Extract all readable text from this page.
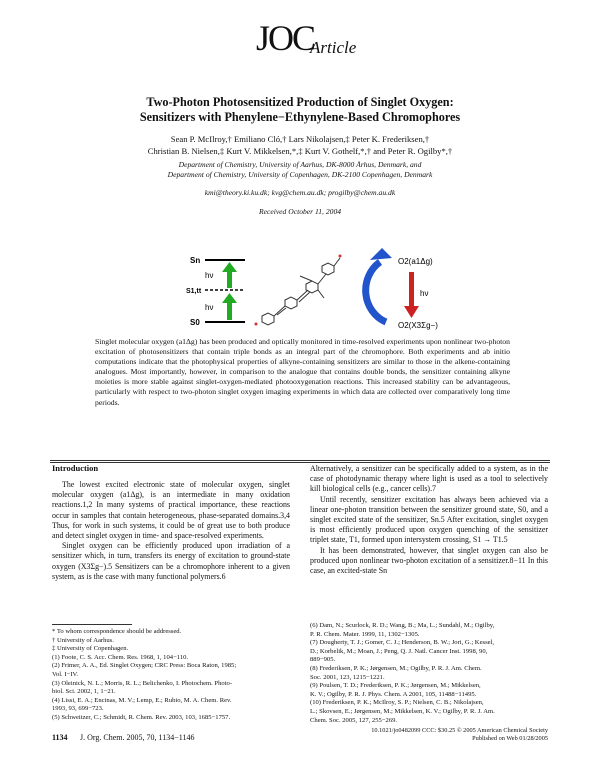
JOC
Article
Two-Photon Photosensitized Production of Singlet Oxygen:
Sensitizers with Phenylene−Ethynylene-Based Chromophores
Sean P. McIlroy,† Emiliano Cló,† Lars Nikolajsen,‡ Peter K. Frederiksen,†
Christian B. Nielsen,‡ Kurt V. Mikkelsen,*,‡ Kurt V. Gothelf,*,† and Peter R. Ogilby*,†
Department of Chemistry, University of Aarhus, DK-8000 Århus, Denmark, and
Department of Chemistry, University of Copenhagen, DK-2100 Copenhagen, Denmark
kmi@theory.ki.ku.dk; kvg@chem.au.dk; progilby@chem.au.dk
Received October 11, 2004
Sn
S1,tt
S0
hν
hν
O2(a1Δg)
O2(X3Σg−)
hν
Singlet molecular oxygen (a1Δg) has been produced and optically monitored in time-resolved experiments upon nonlinear two-photon excitation of photosensitizers that contain triple bonds as an integral part of the chromophore. Both experiments and ab initio computations indicate that the photophysical properties of alkyne-containing sensitizers are similar to those in the alkene-containing analogues. Most importantly, however, in comparison to the analogue that contains double bonds, the sensitizer containing alkyne moieties is more stable against singlet-oxygen-mediated photooxygenation reactions. This increased stability can be advantageous, particularly with respect to two-photon singlet oxygen imaging experiments in which data are collected over comparatively long time periods.
Introduction

The lowest excited electronic state of molecular oxygen, singlet molecular oxygen (a1Δg), is an intermediate in many oxidation reactions.1,2 In many systems of practical importance, these reactions occur in samples that contain heterogeneous, phase-separated domains.3,4 Thus, for work in such systems, it could be of great use to both produce and detect singlet oxygen in time- and space-resolved experiments.

Singlet oxygen can be efficiently produced upon irradiation of a sensitizer which, in turn, transfers its energy of excitation to ground-state oxygen (X3Σg−).5 Sensitizers can be a chromophore inherent to a given system, as is the case with many functional polymers.6

Alternatively, a sensitizer can be specifically added to a system, as in the case of photodynamic therapy where light is used as a tool to selectively kill biological cells (e.g., cancer cells).7

Until recently, sensitizer excitation has always been achieved via a linear one-photon transition between the sensitizer ground state, S0, and a singlet excited state of the sensitizer, Sn.5 After excitation, singlet oxygen is most efficiently produced upon oxygen quenching of the sensitizer triplet state, T1, formed upon intersystem crossing, S1 → T1.5

It has been demonstrated, however, that singlet oxygen can also be produced upon nonlinear two-photon excitation of a sensitizer.8−11 In this case, an excited-state Sn

* To whom correspondence should be addressed.
† University of Aarhus.
‡ University of Copenhagen.
(1) Foote, C. S. Acc. Chem. Res. 1968, 1, 104−110.
(2) Frimer, A. A., Ed. Singlet Oxygen; CRC Press: Boca Raton, 1985;
Vol. I−IV.
(3) Oleinick, N. L.; Morris, R. L.; Belichenko, I. Photochem. Photo-
biol. Sci. 2002, 1, 1−21.
(4) Lissi, E. A.; Encinas, M. V.; Lemp, E.; Rubio, M. A. Chem. Rev.
1993, 93, 699−723.
(5) Schweitzer, C.; Schmidt, R. Chem. Rev. 2003, 103, 1685−1757.
(6) Dam, N.; Scurlock, R. D.; Wang, B.; Ma, L.; Sundahl, M.; Ogilby,
P. R. Chem. Mater. 1999, 11, 1302−1305.
(7) Dougherty, T. J.; Gomer, C. J.; Henderson, B. W.; Jori, G.; Kessel,
D.; Korbelik, M.; Moan, J.; Peng, Q. J. Natl. Cancer Inst. 1998, 90,
889−905.
(8) Frederiksen, P. K.; Jørgensen, M.; Ogilby, P. R. J. Am. Chem.
Soc. 2001, 123, 1215−1221.
(9) Poulsen, T. D.; Frederiksen, P. K.; Jørgensen, M.; Mikkelsen,
K. V.; Ogilby, P. R. J. Phys. Chem. A 2001, 105, 11488−11495.
(10) Frederiksen, P. K.; McIlroy, S. P.; Nielsen, C. B.; Nikolajsen,
L.; Skovsen, E.; Jørgensen, M.; Mikkelsen, K. V.; Ogilby, P. R. J. Am.
Chem. Soc. 2005, 127, 255−269.
1134 J. Org. Chem. 2005, 70, 1134−1146
10.1021/jo0482099 CCC: $30.25 © 2005 American Chemical Society
Published on Web 01/28/2005
